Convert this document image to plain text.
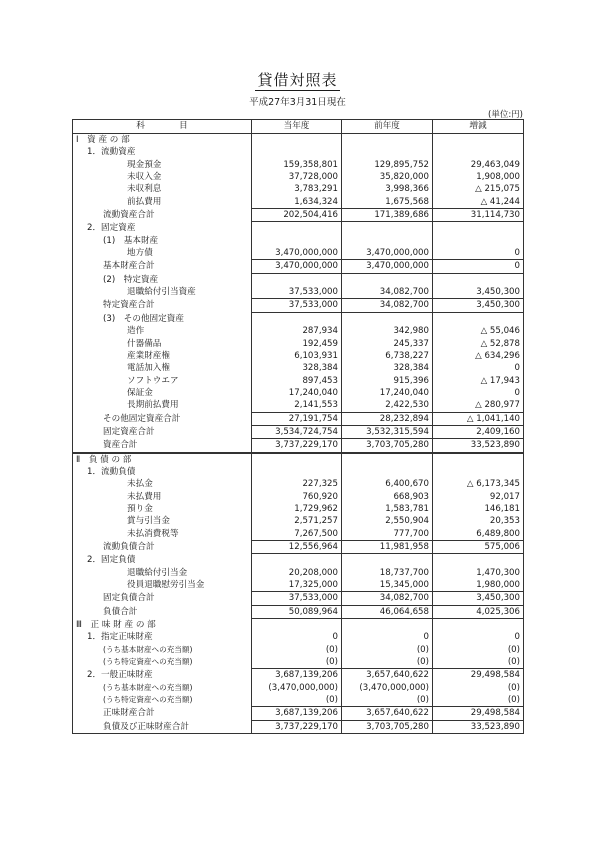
貸借対照表
平成27年3月31日現在
(単位:円)
科　　　　目	当年度	前年度	増減
Ⅰ　資 産 の 部			
1．流動資産			
現金預金	159,358,801	129,895,752	29,463,049
未収入金	37,728,000	35,820,000	1,908,000
未収利息	3,783,291	3,998,366	△ 215,075
前払費用	1,634,324	1,675,568	△ 41,244
流動資産合計	202,504,416	171,389,686	31,114,730
2．固定資産			
(1)　基本財産			
地方債	3,470,000,000	3,470,000,000	0
基本財産合計	3,470,000,000	3,470,000,000	0
(2)　特定資産			
退職給付引当資産	37,533,000	34,082,700	3,450,300
特定資産合計	37,533,000	34,082,700	3,450,300
(3)　その他固定資産			
造作	287,934	342,980	△ 55,046
什器備品	192,459	245,337	△ 52,878
産業財産権	6,103,931	6,738,227	△ 634,296
電話加入権	328,384	328,384	0
ソフトウエア	897,453	915,396	△ 17,943
保証金	17,240,040	17,240,040	0
長期前払費用	2,141,553	2,422,530	△ 280,977
その他固定資産合計	27,191,754	28,232,894	△ 1,041,140
固定資産合計	3,534,724,754	3,532,315,594	2,409,160
資産合計	3,737,229,170	3,703,705,280	33,523,890
Ⅱ　負 債 の 部			
1．流動負債			
未払金	227,325	6,400,670	△ 6,173,345
未払費用	760,920	668,903	92,017
預り金	1,729,962	1,583,781	146,181
賞与引当金	2,571,257	2,550,904	20,353
未払消費税等	7,267,500	777,700	6,489,800
流動負債合計	12,556,964	11,981,958	575,006
2．固定負債			
退職給付引当金	20,208,000	18,737,700	1,470,300
役員退職慰労引当金	17,325,000	15,345,000	1,980,000
固定負債合計	37,533,000	34,082,700	3,450,300
負債合計	50,089,964	46,064,658	4,025,306
Ⅲ　正 味 財 産 の 部			
1．指定正味財産	0	0	0
(うち基本財産への充当額)	(0)	(0)	(0)
(うち特定資産への充当額)	(0)	(0)	(0)
2．一般正味財産	3,687,139,206	3,657,640,622	29,498,584
(うち基本財産への充当額)	(3,470,000,000)	(3,470,000,000)	(0)
(うち特定資産への充当額)	(0)	(0)	(0)
正味財産合計	3,687,139,206	3,657,640,622	29,498,584
負債及び正味財産合計	3,737,229,170	3,703,705,280	33,523,890
